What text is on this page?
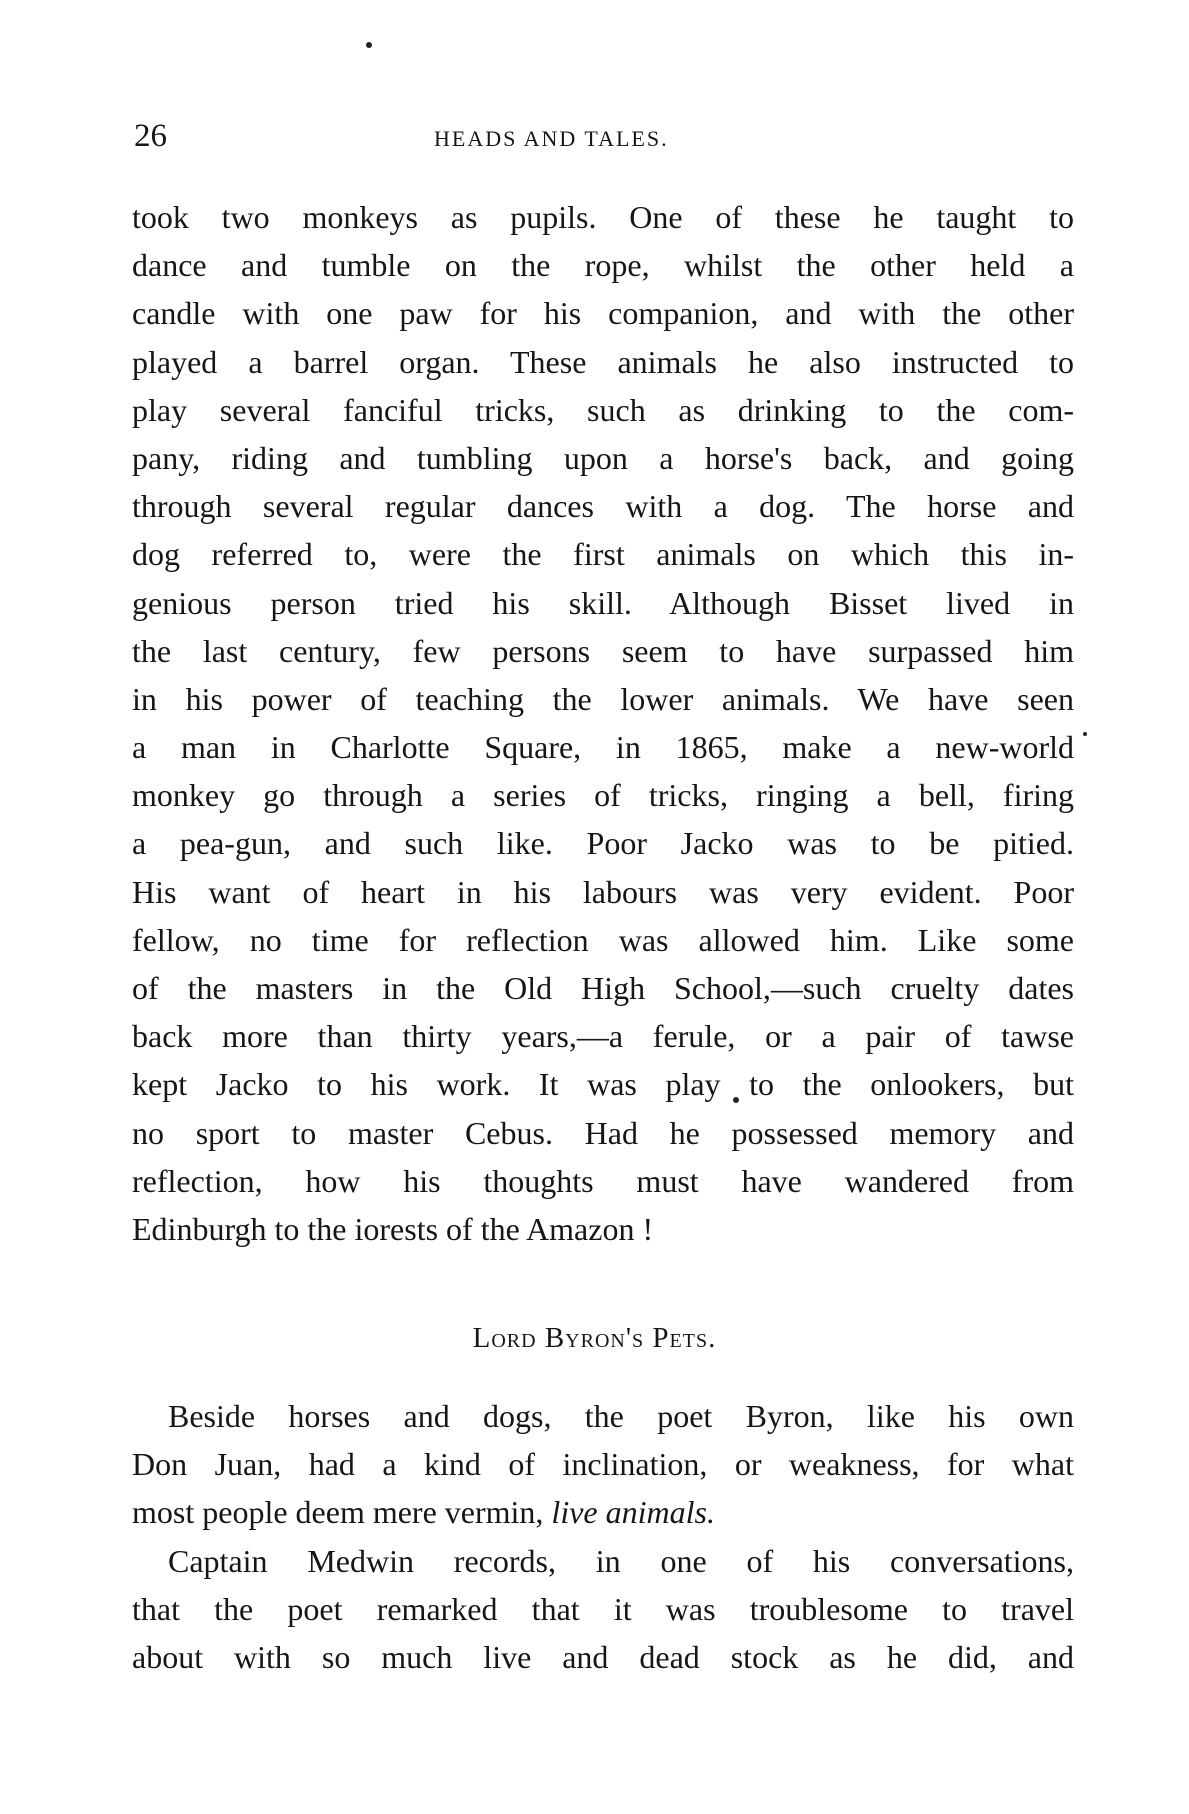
26	HEADS AND TALES.
took two monkeys as pupils. One of these he taught to
dance and tumble on the rope, whilst the other held a
candle with one paw for his companion, and with the other
played a barrel organ. These animals he also instructed to
play several fanciful tricks, such as drinking to the com-
pany, riding and tumbling upon a horse's back, and going
through several regular dances with a dog. The horse and
dog referred to, were the first animals on which this in-
genious person tried his skill. Although Bisset lived in
the last century, few persons seem to have surpassed him
in his power of teaching the lower animals. We have seen
a man in Charlotte Square, in 1865, make a new-world
monkey go through a series of tricks, ringing a bell, firing
a pea-gun, and such like. Poor Jacko was to be pitied.
His want of heart in his labours was very evident. Poor
fellow, no time for reflection was allowed him. Like some
of the masters in the Old High School,—such cruelty dates
back more than thirty years,—a ferule, or a pair of tawse
kept Jacko to his work. It was play to the onlookers, but
no sport to master Cebus. Had he possessed memory and
reflection, how his thoughts must have wandered from
Edinburgh to the iorests of the Amazon !
Lord Byron's Pets.
Beside horses and dogs, the poet Byron, like his own
Don Juan, had a kind of inclination, or weakness, for what
most people deem mere vermin, live animals.
Captain Medwin records, in one of his conversations,
that the poet remarked that it was troublesome to travel
about with so much live and dead stock as he did, and
